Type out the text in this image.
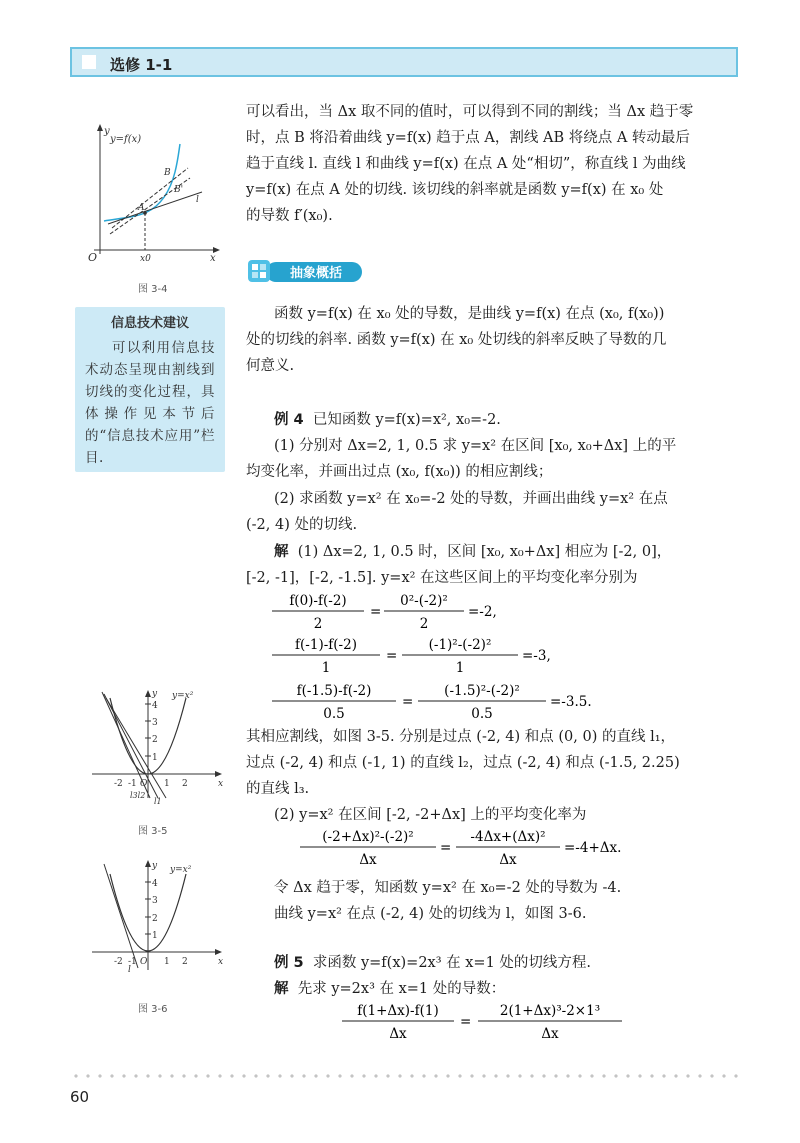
选修 1-1
y=f(x)
y
x
O	x0
B
B'
A
l
图 3-4
信息技术建议
可以利用信息技术动态呈现由割线到切线的变化过程，具体操作见本节后的“信息技术应用”栏目.
可以看出，当 Δx 取不同的值时，可以得到不同的割线；当 Δx 趋于零
时，点 B 将沿着曲线 y=f(x) 趋于点 A，割线 AB 将绕点 A 转动最后
趋于直线 l. 直线 l 和曲线 y=f(x) 在点 A 处“相切”，称直线 l 为曲线
y=f(x) 在点 A 处的切线. 该切线的斜率就是函数 y=f(x) 在 x₀ 处
的导数 f′(x₀).
抽象概括
函数 y=f(x) 在 x₀ 处的导数，是曲线 y=f(x) 在点 (x₀, f(x₀))
处的切线的斜率. 函数 y=f(x) 在 x₀ 处切线的斜率反映了导数的几
何意义.
例 4 已知函数 y=f(x)=x², x₀=-2.
(1) 分别对 Δx=2, 1, 0.5 求 y=x² 在区间 [x₀, x₀+Δx] 上的平
均变化率，并画出过点 (x₀, f(x₀)) 的相应割线；
(2) 求函数 y=x² 在 x₀=-2 处的导数，并画出曲线 y=x² 在点
(-2, 4) 处的切线.
解 (1) Δx=2, 1, 0.5 时，区间 [x₀, x₀+Δx] 相应为 [-2, 0]，
[-2, -1]，[-2, -1.5]. y=x² 在这些区间上的平均变化率分别为
f(0)-f(-2)
2
=
0²-(-2)²
2
=-2,
f(-1)-f(-2)
1
=
(-1)²-(-2)²
1
=-3,
f(-1.5)-f(-2)
0.5
=
(-1.5)²-(-2)²
0.5
=-3.5.
其相应割线，如图 3-5. 分别是过点 (-2, 4) 和点 (0, 0) 的直线 l₁，
过点 (-2, 4) 和点 (-1, 1) 的直线 l₂，过点 (-2, 4) 和点 (-1.5, 2.25)
的直线 l₃.
(2) y=x² 在区间 [-2, -2+Δx] 上的平均变化率为
(-2+Δx)²-(-2)²
Δx
=
-4Δx+(Δx)²
Δx
=-4+Δx.
令 Δx 趋于零，知函数 y=x² 在 x₀=-2 处的导数为 -4.
曲线 y=x² 在点 (-2, 4) 处的切线为 l，如图 3-6.
例 5 求函数 y=f(x)=2x³ 在 x=1 处的切线方程.
解 先求 y=2x³ 在 x=1 处的导数：
f(1+Δx)-f(1)
Δx
=
2(1+Δx)³-2×1³
Δx
4
3
2
1
-2 -1 O 1 2
y
x
y=x²
l3l2
l1
图 3-5
4
3
2
1
-2 -1 O 1 2
y
x
y=x²
l
图 3-6
60
